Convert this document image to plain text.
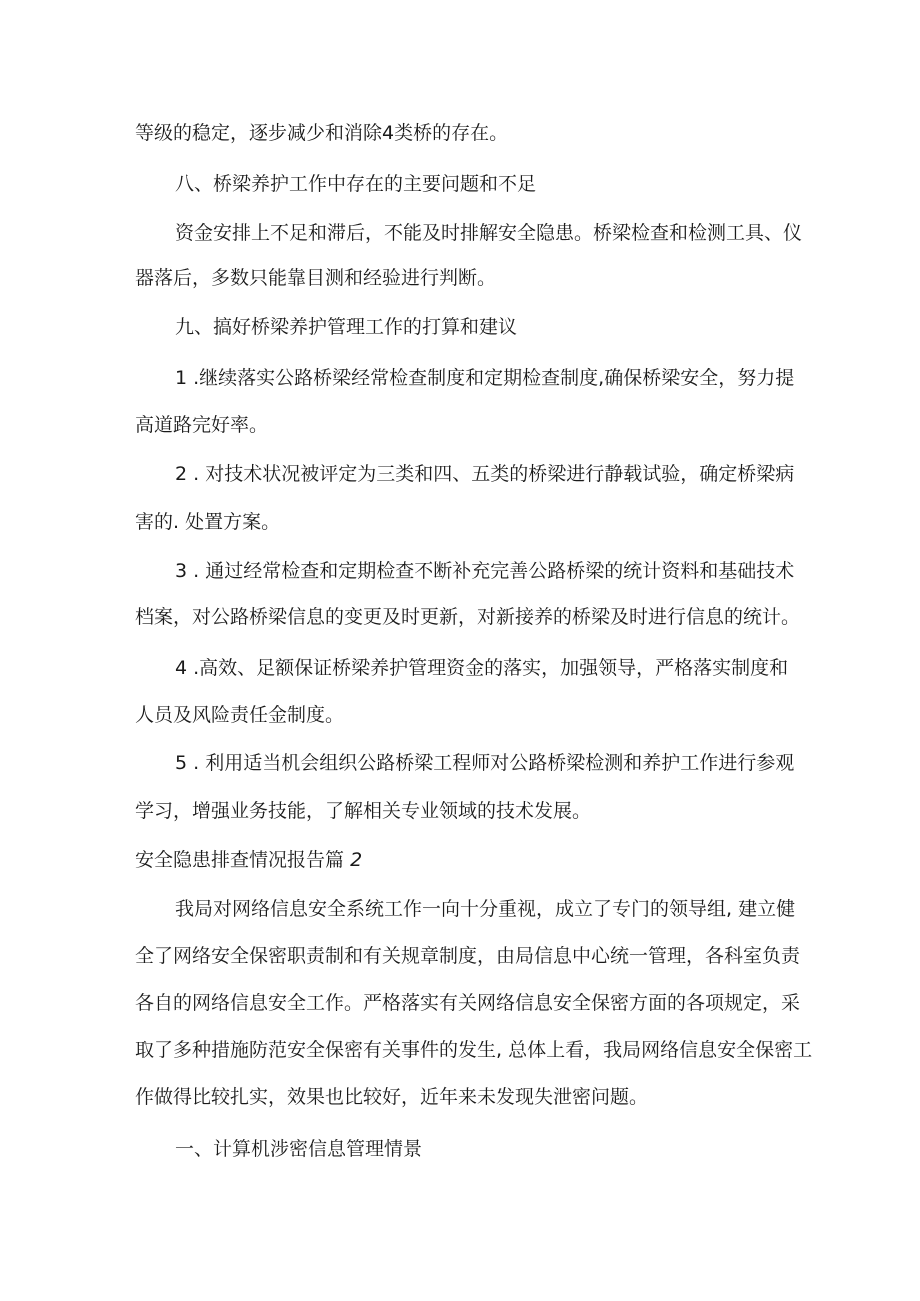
等级的稳定，逐步减少和消除4类桥的存在。

八、桥梁养护工作中存在的主要问题和不足

资金安排上不足和滞后，不能及时排解安全隐患。桥梁检查和检测工具、仪

器落后，多数只能靠目测和经验进行判断。

九、搞好桥梁养护管理工作的打算和建议

1 .继续落实公路桥梁经常检查制度和定期检查制度,确保桥梁安全，努力提

高道路完好率。

2 . 对技术状况被评定为三类和四、五类的桥梁进行静载试验，确定桥梁病

害的. 处置方案。

3 . 通过经常检查和定期检查不断补充完善公路桥梁的统计资料和基础技术

档案，对公路桥梁信息的变更及时更新，对新接养的桥梁及时进行信息的统计。

4 .高效、足额保证桥梁养护管理资金的落实，加强领导，严格落实制度和

人员及风险责任金制度。

5 . 利用适当机会组织公路桥梁工程师对公路桥梁检测和养护工作进行参观

学习，增强业务技能，了解相关专业领域的技术发展。

安全隐患排查情况报告篇 2

我局对网络信息安全系统工作一向十分重视，成立了专门的领导组, 建立健

全了网络安全保密职责制和有关规章制度，由局信息中心统一管理，各科室负责

各自的网络信息安全工作。严格落实有关网络信息安全保密方面的各项规定，采

取了多种措施防范安全保密有关事件的发生, 总体上看，我局网络信息安全保密工

作做得比较扎实，效果也比较好，近年来未发现失泄密问题。

一、计算机涉密信息管理情景
